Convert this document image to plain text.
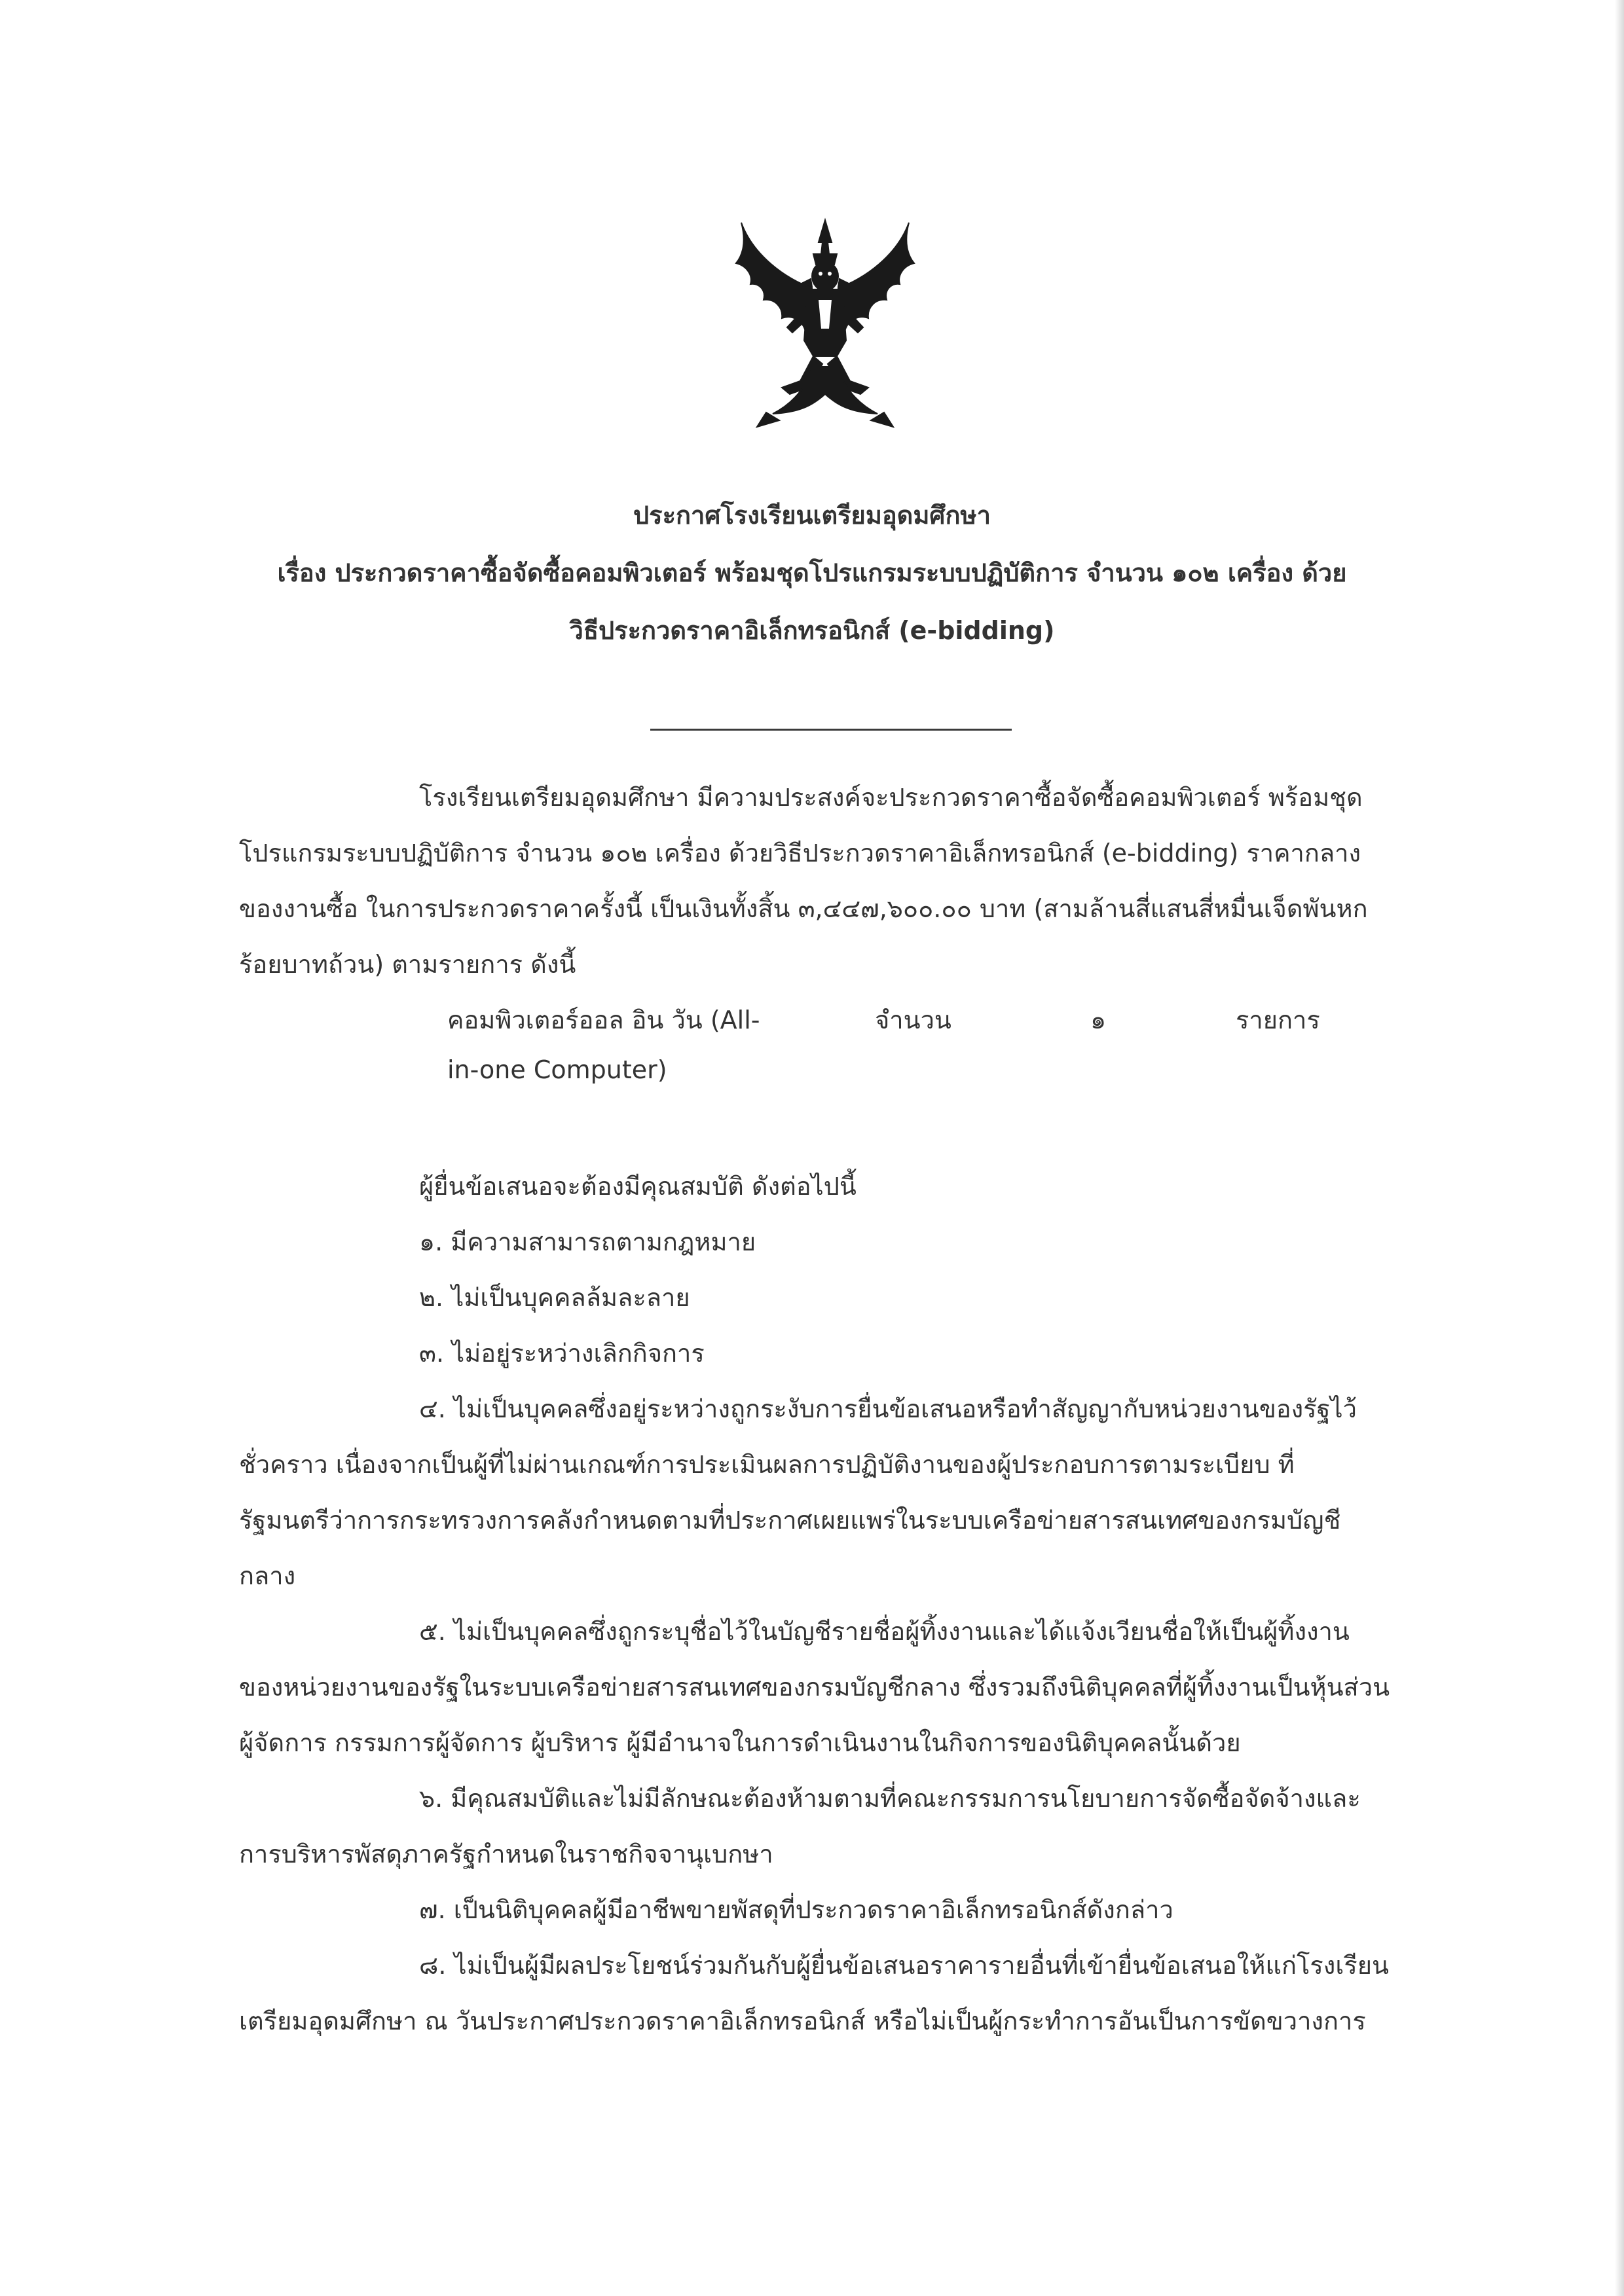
ประกาศโรงเรียนเตรียมอุดมศึกษา
เรื่อง ประกวดราคาซื้อจัดซื้อคอมพิวเตอร์ พร้อมชุดโปรแกรมระบบปฏิบัติการ จำนวน ๑๐๒ เครื่อง ด้วย
วิธีประกวดราคาอิเล็กทรอนิกส์ (e-bidding)
โรงเรียนเตรียมอุดมศึกษา มีความประสงค์จะประกวดราคาซื้อจัดซื้อคอมพิวเตอร์ พร้อมชุด
โปรแกรมระบบปฏิบัติการ จำนวน ๑๐๒ เครื่อง ด้วยวิธีประกวดราคาอิเล็กทรอนิกส์ (e-bidding) ราคากลาง
ของงานซื้อ ในการประกวดราคาครั้งนี้ เป็นเงินทั้งสิ้น ๓,๔๔๗,๖๐๐.๐๐ บาท (สามล้านสี่แสนสี่หมื่นเจ็ดพันหก
ร้อยบาทถ้วน) ตามรายการ ดังนี้
คอมพิวเตอร์ออล อิน วัน (All-
in-one Computer)
จำนวน	๑	รายการ
ผู้ยื่นข้อเสนอจะต้องมีคุณสมบัติ ดังต่อไปนี้
๑. มีความสามารถตามกฎหมาย
๒. ไม่เป็นบุคคลล้มละลาย
๓. ไม่อยู่ระหว่างเลิกกิจการ
๔. ไม่เป็นบุคคลซึ่งอยู่ระหว่างถูกระงับการยื่นข้อเสนอหรือทำสัญญากับหน่วยงานของรัฐไว้
ชั่วคราว เนื่องจากเป็นผู้ที่ไม่ผ่านเกณฑ์การประเมินผลการปฏิบัติงานของผู้ประกอบการตามระเบียบ ที่
รัฐมนตรีว่าการกระทรวงการคลังกำหนดตามที่ประกาศเผยแพร่ในระบบเครือข่ายสารสนเทศของกรมบัญชี
กลาง
๕. ไม่เป็นบุคคลซึ่งถูกระบุชื่อไว้ในบัญชีรายชื่อผู้ทิ้งงานและได้แจ้งเวียนชื่อให้เป็นผู้ทิ้งงาน
ของหน่วยงานของรัฐในระบบเครือข่ายสารสนเทศของกรมบัญชีกลาง ซึ่งรวมถึงนิติบุคคลที่ผู้ทิ้งงานเป็นหุ้นส่วน
ผู้จัดการ กรรมการผู้จัดการ ผู้บริหาร ผู้มีอำนาจในการดำเนินงานในกิจการของนิติบุคคลนั้นด้วย
๖. มีคุณสมบัติและไม่มีลักษณะต้องห้ามตามที่คณะกรรมการนโยบายการจัดซื้อจัดจ้างและ
การบริหารพัสดุภาครัฐกำหนดในราชกิจจานุเบกษา
๗. เป็นนิติบุคคลผู้มีอาชีพขายพัสดุที่ประกวดราคาอิเล็กทรอนิกส์ดังกล่าว
๘. ไม่เป็นผู้มีผลประโยชน์ร่วมกันกับผู้ยื่นข้อเสนอราคารายอื่นที่เข้ายื่นข้อเสนอให้แก่โรงเรียน
เตรียมอุดมศึกษา ณ วันประกาศประกวดราคาอิเล็กทรอนิกส์ หรือไม่เป็นผู้กระทำการอันเป็นการขัดขวางการ
